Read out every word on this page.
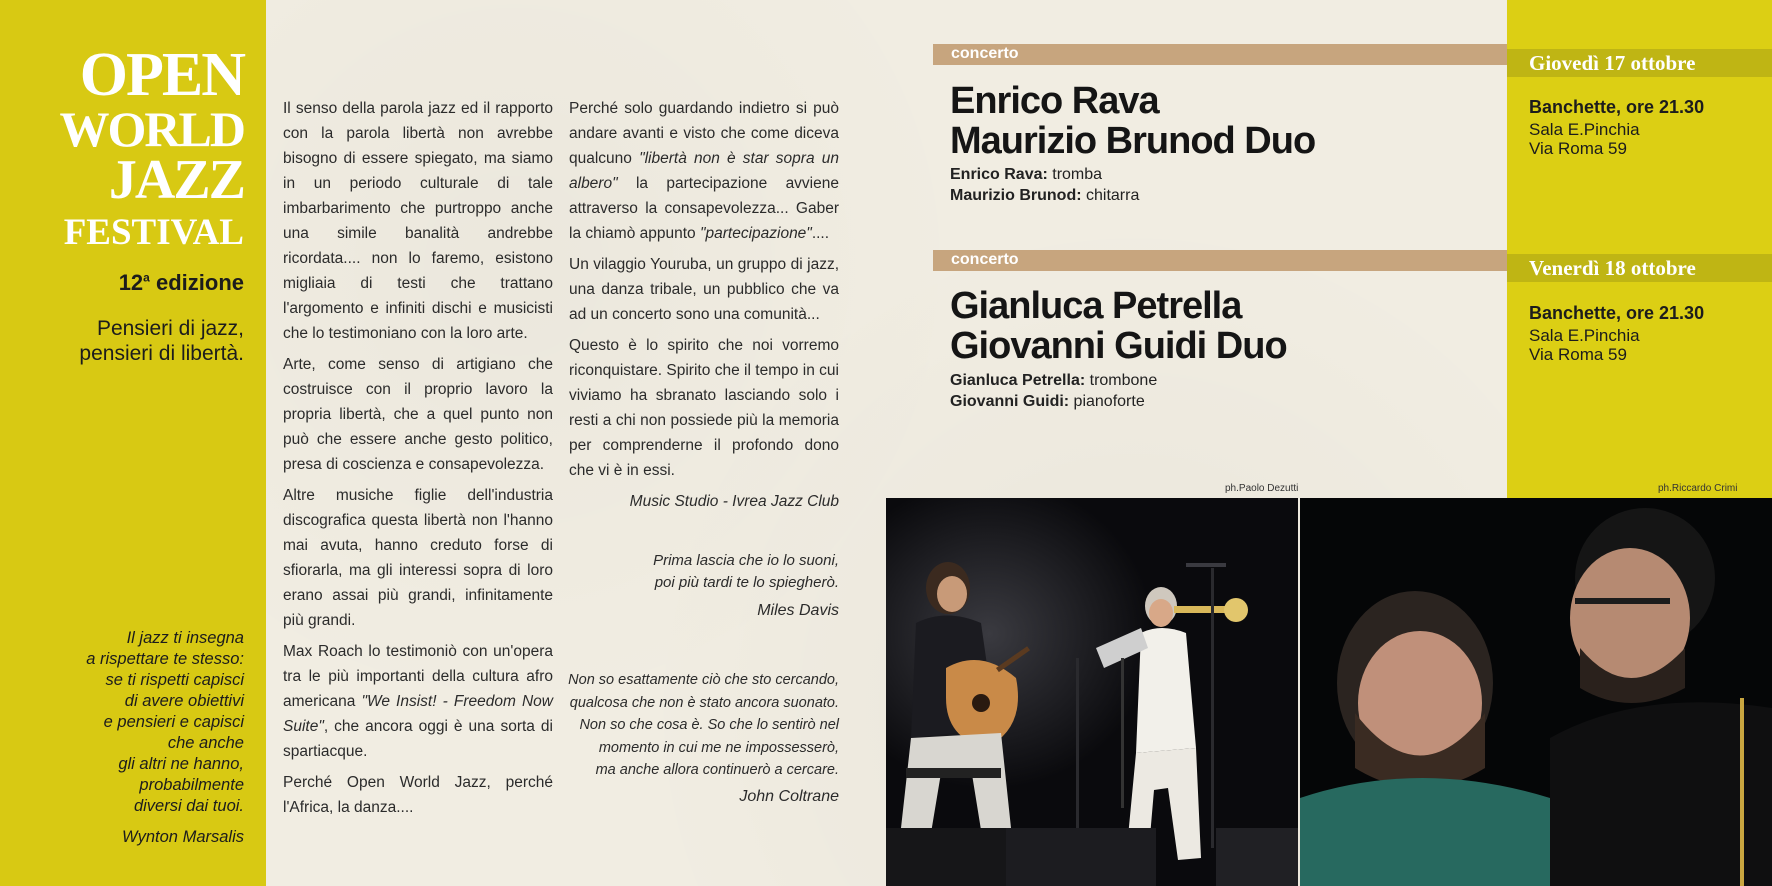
OPEN
WORLD
JAZZ
FESTIVAL
12$^a$ edizione
Pensieri di jazz,
pensieri di libertà.
Il jazz ti insegna
a rispettare te stesso:
se ti rispetti capisci
di avere obiettivi
e pensieri e capisci
che anche
gli altri ne hanno,
probabilmente
diversi dai tuoi.
Wynton Marsalis

Il senso della parola jazz ed il rapporto con la parola libertà non avrebbe bisogno di essere spiegato, ma siamo in un periodo culturale di tale imbarbarimento che purtroppo anche una simile banalità andrebbe ricordata.... non lo faremo, esistono migliaia di testi che trattano l'argomento e infiniti dischi e musicisti che lo testimoniano con la loro arte.

Arte, come senso di artigiano che costruisce con il proprio lavoro la propria libertà, che a quel punto non può che essere anche gesto politico, presa di coscienza e consapevolezza.

Altre musiche figlie dell'industria discografica questa libertà non l'hanno mai avuta, hanno creduto forse di sfiorarla, ma gli interessi sopra di loro erano assai più grandi, infinitamente più grandi.

Max Roach lo testimoniò con un'opera tra le più importanti della cultura afro americana "We Insist! - Freedom Now Suite", che ancora oggi è una sorta di spartiacque.

Perché Open World Jazz, perché l'Africa, la danza....

Perché solo guardando indietro si può andare avanti e visto che come diceva qualcuno "libertà non è star sopra un albero" la partecipazione avviene attraverso la consapevolezza... Gaber la chiamò appunto "partecipazione"....

Un vilaggio Youruba, un gruppo di jazz, una danza tribale, un pubblico che va ad un concerto sono una comunità...

Questo è lo spirito che noi vorremo riconquistare. Spirito che il tempo in cui viviamo ha sbranato lasciando solo i resti a chi non possiede più la memoria per comprenderne il profondo dono che vi è in essi.

Music Studio - Ivrea Jazz Club

Prima lascia che io lo suoni,
poi più tardi te lo spiegherò.
Miles Davis
Non so esattamente ciò che sto cercando,
qualcosa che non è stato ancora suonato.
Non so che cosa è. So che lo sentirò nel
momento in cui me ne impossesserò,
ma anche allora continuerò a cercare.
John Coltrane
concerto	Giovedì 17 ottobre
Enrico Rava
Maurizio Brunod Duo
Enrico Rava: tromba
Maurizio Brunod: chitarra
Banchette, ore 21.30
Sala E.Pinchia
Via Roma 59
concerto	Venerdì 18 ottobre
Gianluca Petrella
Giovanni Guidi Duo
Gianluca Petrella: trombone
Giovanni Guidi: pianoforte
Banchette, ore 21.30
Sala E.Pinchia
Via Roma 59
ph.Paolo Dezutti	ph.Riccardo Crimi
